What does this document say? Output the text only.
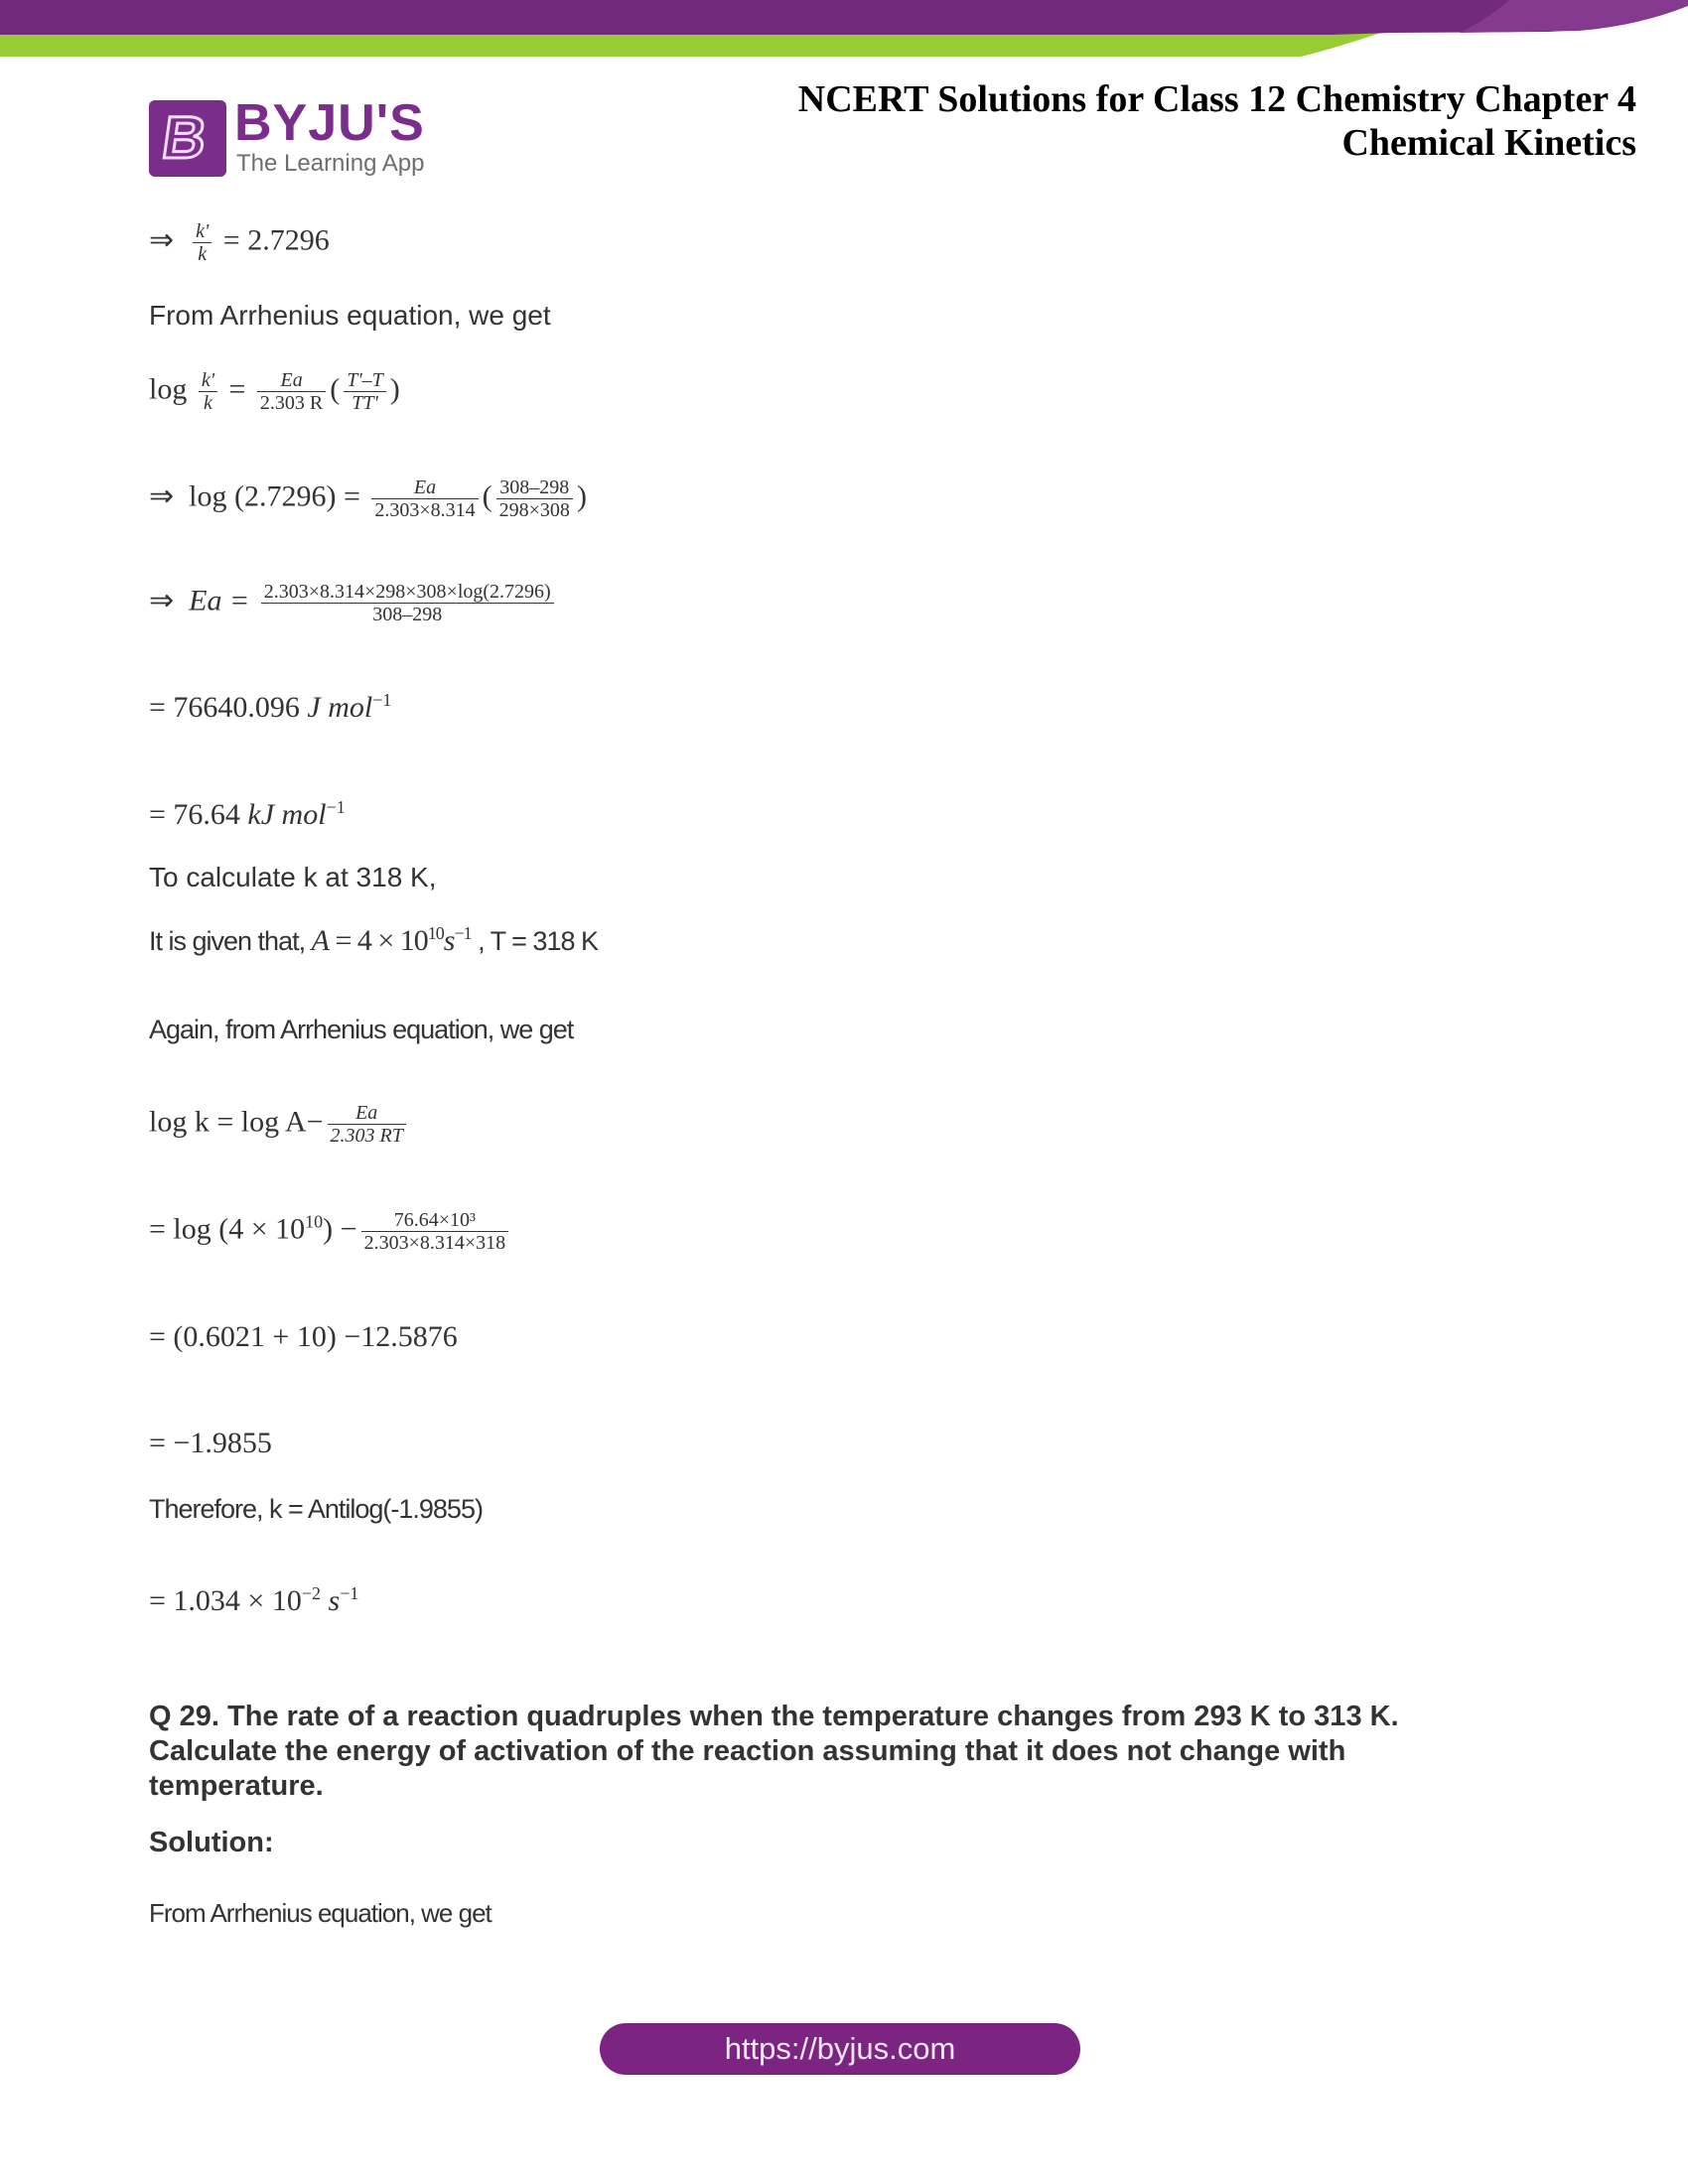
B BYJU'S
The Learning App
NCERT Solutions for Class 12 Chemistry Chapter 4
Chemical Kinetics
⇒ $\frac{k'}{k} = 2.7296$
From Arrhenius equation, we get
$\log \frac{k'}{k} = \frac{Ea}{2.303 R}$ ( $\frac{T'-T}{TT'}$ )
⇒ $\log (2.7296) = \frac{Ea}{2.303\times 8.314}$ ( $\frac{308-298}{298\times 308}$ )
⇒ $Ea = \frac{2.303\times 8.314\times 298\times 308\times\log(2.7296)}{308-298}$
= 76640.096 J mol$^{-1}$
= 76.64 kJ mol$^{-1}$
To calculate k at 318 K,
It is given that, $A = 4 \times 10^{10}s^{-1}$ , T = 318 K
Again, from Arrhenius equation, we get
$\log k = \log A- \frac{Ea}{2.303 RT}$
= $\log (4 \times 10^{10}) - \frac{\text{76.64×10³}}{2.303\times 8.314\times 318}$
= (0.6021 + 10) −12.5876
= −1.9855
Therefore, k = Antilog(-1.9855)
= $1.034 \times 10^{-2}$ $s^{-1}$
Q 29. The rate of a reaction quadruples when the temperature changes from 293 K to 313 K. Calculate the energy of activation of the reaction assuming that it does not change with temperature.
Solution:
From Arrhenius equation, we get
https://byjus.com
